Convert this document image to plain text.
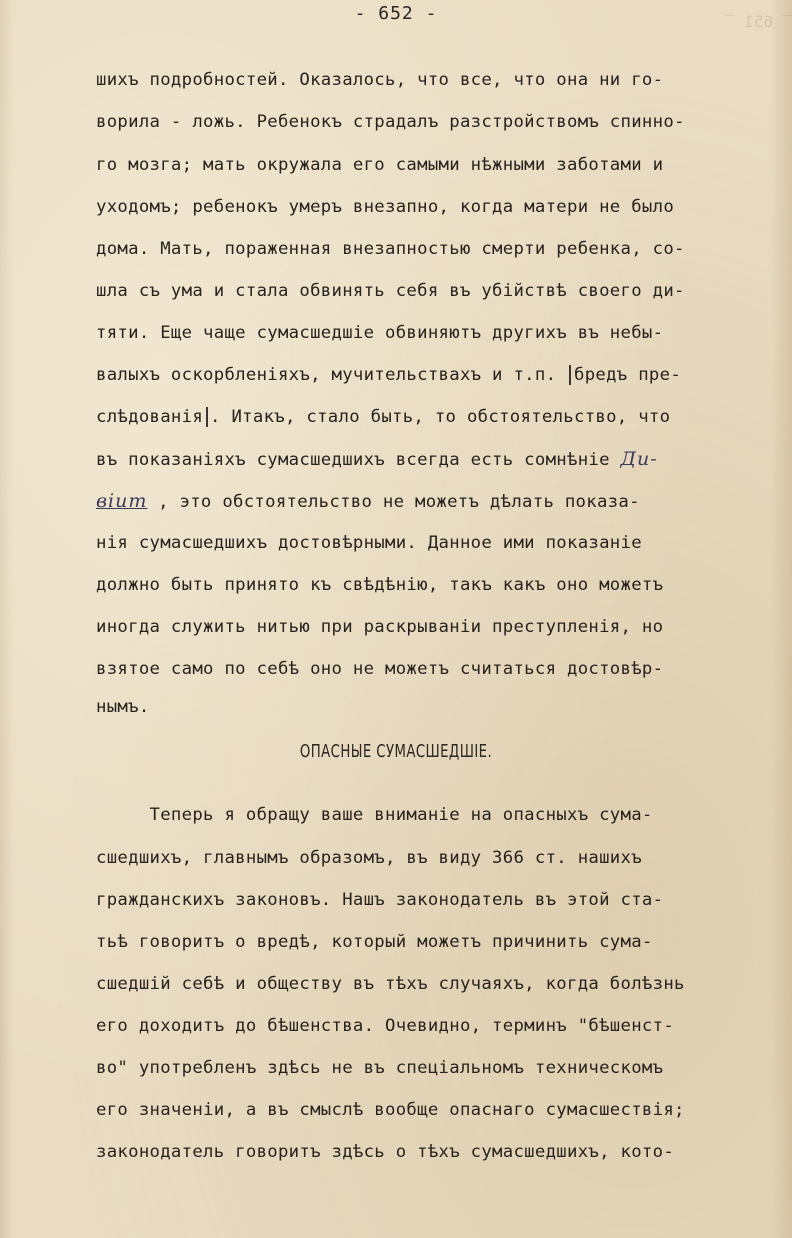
- 652 -	‾ 651 ‾
шихъ подробностей. Оказалось, что все, что она ни го-
ворила - ложь. Ребенокъ страдалъ разстройствомъ спинно-
го мозга; мать окружала его самыми нѣжными заботами и
уходомъ; ребенокъ умеръ внезапно, когда матери не было
дома. Мать, пораженная внезапностью смерти ребенка, со-
шла съ ума и стала обвинять себя въ убійствѣ своего ди-
тяти. Еще чаще сумасшедшіе обвиняютъ другихъ въ небы-
валыхъ оскорбленіяхъ, мучительствахъ и т.п. бредъ пре-
слѣдованія . Итакъ, стало быть, то обстоятельство, что
въ показаніяхъ сумасшедшихъ всегда есть сомнѣніе Ди-
віит , это обстоятельство не можетъ дѣлать показа-
нія сумасшедшихъ достовѣрными. Данное ими показаніе
должно быть принято къ свѣдѣнію, такъ какъ оно можетъ
иногда служить нитью при раскрываніи преступленія, но
взятое само по себѣ оно не можетъ считаться достовѣр-
нымъ.
ОПАСНЫЕ СУМАСШЕДШІЕ.
Теперь я обращу ваше вниманіе на опасныхъ сума-
сшедшихъ, главнымъ образомъ, въ виду 366 ст. нашихъ
гражданскихъ законовъ. Нашъ законодатель въ этой ста-
тьѣ говоритъ о вредѣ, который можетъ причинить сума-
сшедшій себѣ и обществу въ тѣхъ случаяхъ, когда болѣзнь
его доходитъ до бѣшенства. Очевидно, терминъ "бѣшенст-
во" употребленъ здѣсь не въ спеціальномъ техническомъ
его значеніи, а въ смыслѣ вообще опаснаго сумасшествія;
законодатель говоритъ здѣсь о тѣхъ сумасшедшихъ, кото-
